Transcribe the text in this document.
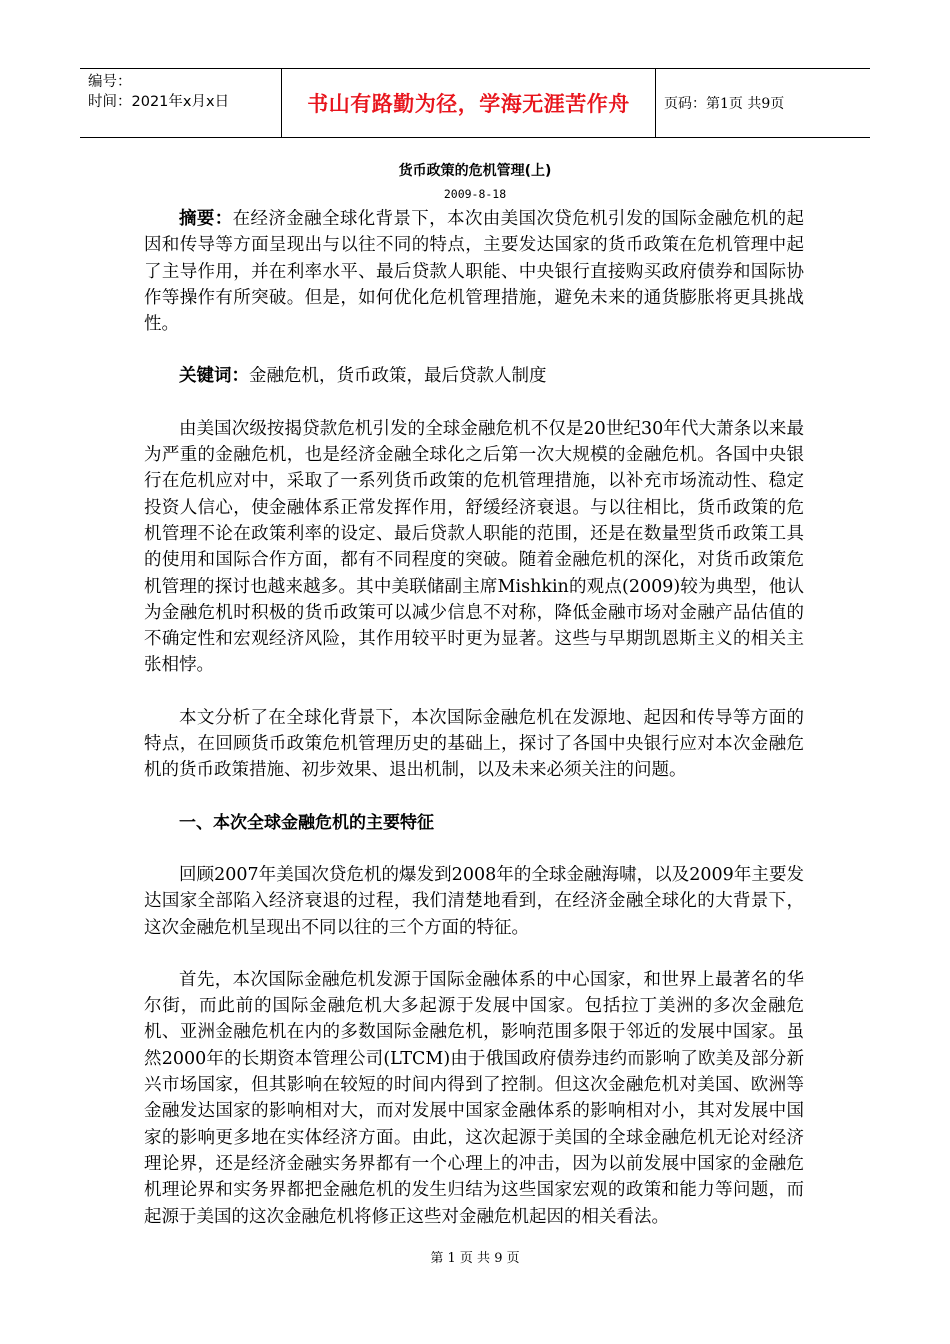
编号：
时间：2021年x月x日	书山有路勤为径，学海无涯苦作舟	页码：第1页 共9页
货币政策的危机管理(上)
2009-8-18

摘要：在经济金融全球化背景下，本次由美国次贷危机引发的国际金融危机的起因和传导等方面呈现出与以往不同的特点，主要发达国家的货币政策在危机管理中起了主导作用，并在利率水平、最后贷款人职能、中央银行直接购买政府债券和国际协作等操作有所突破。但是，如何优化危机管理措施，避免未来的通货膨胀将更具挑战性。

关键词：金融危机，货币政策，最后贷款人制度

由美国次级按揭贷款危机引发的全球金融危机不仅是20世纪30年代大萧条以来最为严重的金融危机，也是经济金融全球化之后第一次大规模的金融危机。各国中央银行在危机应对中，采取了一系列货币政策的危机管理措施，以补充市场流动性、稳定投资人信心，使金融体系正常发挥作用，舒缓经济衰退。与以往相比，货币政策的危机管理不论在政策利率的设定、最后贷款人职能的范围，还是在数量型货币政策工具的使用和国际合作方面，都有不同程度的突破。随着金融危机的深化，对货币政策危机管理的探讨也越来越多。其中美联储副主席Mishkin的观点(2009)较为典型，他认为金融危机时积极的货币政策可以减少信息不对称，降低金融市场对金融产品估值的不确定性和宏观经济风险，其作用较平时更为显著。这些与早期凯恩斯主义的相关主张相悖。

本文分析了在全球化背景下，本次国际金融危机在发源地、起因和传导等方面的特点，在回顾货币政策危机管理历史的基础上，探讨了各国中央银行应对本次金融危机的货币政策措施、初步效果、退出机制，以及未来必须关注的问题。

一、本次全球金融危机的主要特征

回顾2007年美国次贷危机的爆发到2008年的全球金融海啸，以及2009年主要发达国家全部陷入经济衰退的过程，我们清楚地看到，在经济金融全球化的大背景下，这次金融危机呈现出不同以往的三个方面的特征。

首先，本次国际金融危机发源于国际金融体系的中心国家，和世界上最著名的华尔街，而此前的国际金融危机大多起源于发展中国家。包括拉丁美洲的多次金融危机、亚洲金融危机在内的多数国际金融危机，影响范围多限于邻近的发展中国家。虽然2000年的长期资本管理公司(LTCM)由于俄国政府债券违约而影响了欧美及部分新兴市场国家，但其影响在较短的时间内得到了控制。但这次金融危机对美国、欧洲等金融发达国家的影响相对大，而对发展中国家金融体系的影响相对小，其对发展中国家的影响更多地在实体经济方面。由此，这次起源于美国的全球金融危机无论对经济理论界，还是经济金融实务界都有一个心理上的冲击，因为以前发展中国家的金融危机理论界和实务界都把金融危机的发生归结为这些国家宏观的政策和能力等问题，而起源于美国的这次金融危机将修正这些对金融危机起因的相关看法。

第 1 页 共 9 页
